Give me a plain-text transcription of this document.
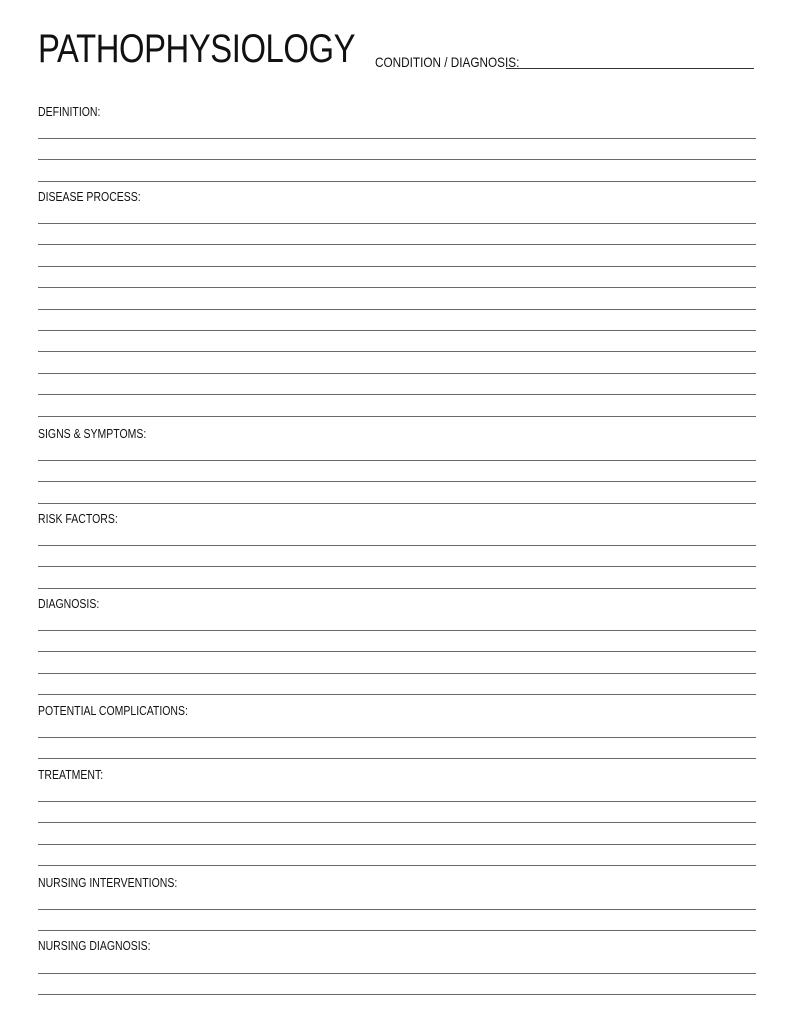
PATHOPHYSIOLOGY CONDITION / DIAGNOSIS:
DEFINITION:
DISEASE PROCESS:
SIGNS & SYMPTOMS:
RISK FACTORS:
DIAGNOSIS:
POTENTIAL COMPLICATIONS:
TREATMENT:
NURSING INTERVENTIONS:
NURSING DIAGNOSIS:
